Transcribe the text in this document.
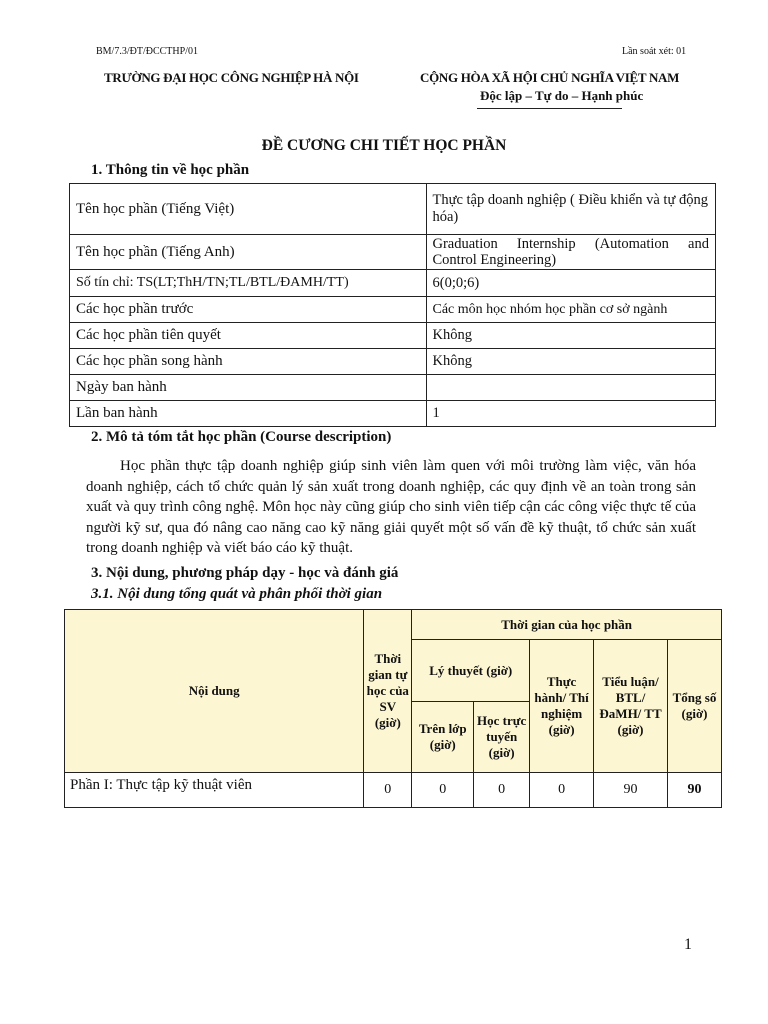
BM/7.3/ĐT/ĐCCTHP/01	Lần soát xét: 01
TRƯỜNG ĐẠI HỌC CÔNG NGHIỆP HÀ NỘI	CỘNG HÒA XÃ HỘI CHỦ NGHĨA VIỆT NAM
Độc lập – Tự do – Hạnh phúc
ĐỀ CƯƠNG CHI TIẾT HỌC PHẦN
1. Thông tin về học phần
Tên học phần (Tiếng Việt)	Thực tập doanh nghiệp ( Điều khiển và tự động hóa)
Tên học phần (Tiếng Anh)	Graduation Internship (Automation and Control Engineering)
Số tín chỉ: TS(LT;ThH/TN;TL/BTL/ĐAMH/TT)	6(0;0;6)
Các học phần trước	Các môn học nhóm học phần cơ sở ngành
Các học phần tiên quyết	Không
Các học phần song hành	Không
Ngày ban hành	
Lần ban hành	1
2. Mô tả tóm tắt học phần (Course description)
Học phần thực tập doanh nghiệp giúp sinh viên làm quen với môi trường làm việc, văn hóa doanh nghiệp, cách tổ chức quản lý sản xuất trong doanh nghiệp, các quy định về an toàn trong sản xuất và quy trình công nghệ. Môn học này cũng giúp cho sinh viên tiếp cận các công việc thực tế của người kỹ sư, qua đó nâng cao năng cao kỹ năng giải quyết một số vấn đề kỹ thuật, tổ chức sản xuất trong doanh nghiệp và viết báo cáo kỹ thuật.
3. Nội dung, phương pháp dạy - học và đánh giá
3.1. Nội dung tổng quát và phân phối thời gian
Nội dung	Thời gian tự học của SV (giờ)	Thời gian của học phần				
		Lý thuyết (giờ)		Thực hành/ Thí nghiệm (giờ)	Tiểu luận/ BTL/ ĐaMH/ TT (giờ)	Tổng số (giờ)
		Trên lớp (giờ)	Học trực tuyến (giờ)			
Phần I: Thực tập kỹ thuật viên	0	0	0	0	90	90
1
